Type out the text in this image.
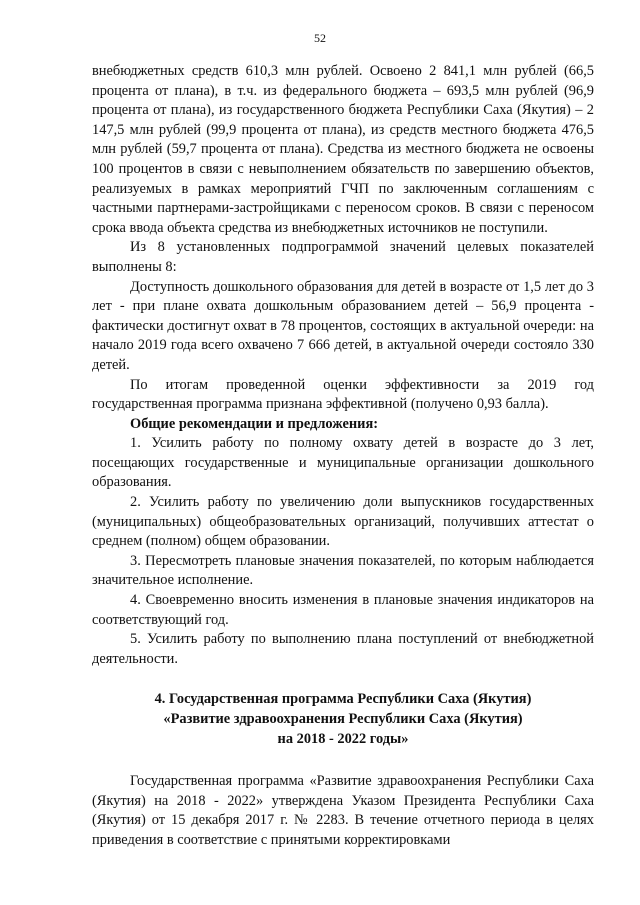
52

внебюджетных средств 610,3 млн рублей. Освоено 2 841,1 млн рублей (66,5 процента от плана), в т.ч. из федерального бюджета – 693,5 млн рублей (96,9 процента от плана), из государственного бюджета Республики Саха (Якутия) – 2 147,5 млн рублей (99,9 процента от плана), из средств местного бюджета 476,5 млн рублей (59,7 процента от плана). Средства из местного бюджета не освоены 100 процентов в связи с невыполнением обязательств по завершению объектов, реализуемых в рамках мероприятий ГЧП по заключенным соглашениям с частными партнерами-застройщиками с переносом сроков. В связи с переносом срока ввода объекта средства из внебюджетных источников не поступили.

Из 8 установленных подпрограммой значений целевых показателей выполнены 8:

Доступность дошкольного образования для детей в возрасте от 1,5 лет до 3 лет - при плане охвата дошкольным образованием детей – 56,9 процента - фактически достигнут охват в 78 процентов, состоящих в актуальной очереди: на начало 2019 года всего охвачено 7 666 детей, в актуальной очереди состояло 330 детей.

По итогам проведенной оценки эффективности за 2019 год государственная программа признана эффективной (получено 0,93 балла).

Общие рекомендации и предложения:

1. Усилить работу по полному охвату детей в возрасте до 3 лет, посещающих государственные и муниципальные организации дошкольного образования.

2. Усилить работу по увеличению доли выпускников государственных (муниципальных) общеобразовательных организаций, получивших аттестат о среднем (полном) общем образовании.

3. Пересмотреть плановые значения показателей, по которым наблюдается значительное исполнение.

4. Своевременно вносить изменения в плановые значения индикаторов на соответствующий год.

5. Усилить работу по выполнению плана поступлений от внебюджетной деятельности.

4. Государственная программа Республики Саха (Якутия)
«Развитие здравоохранения Республики Саха (Якутия)
на 2018 - 2022 годы»

Государственная программа «Развитие здравоохранения Республики Саха (Якутия) на 2018 - 2022» утверждена Указом Президента Республики Саха (Якутия) от 15 декабря 2017 г. № 2283. В течение отчетного периода в целях приведения в соответствие с принятыми корректировками
